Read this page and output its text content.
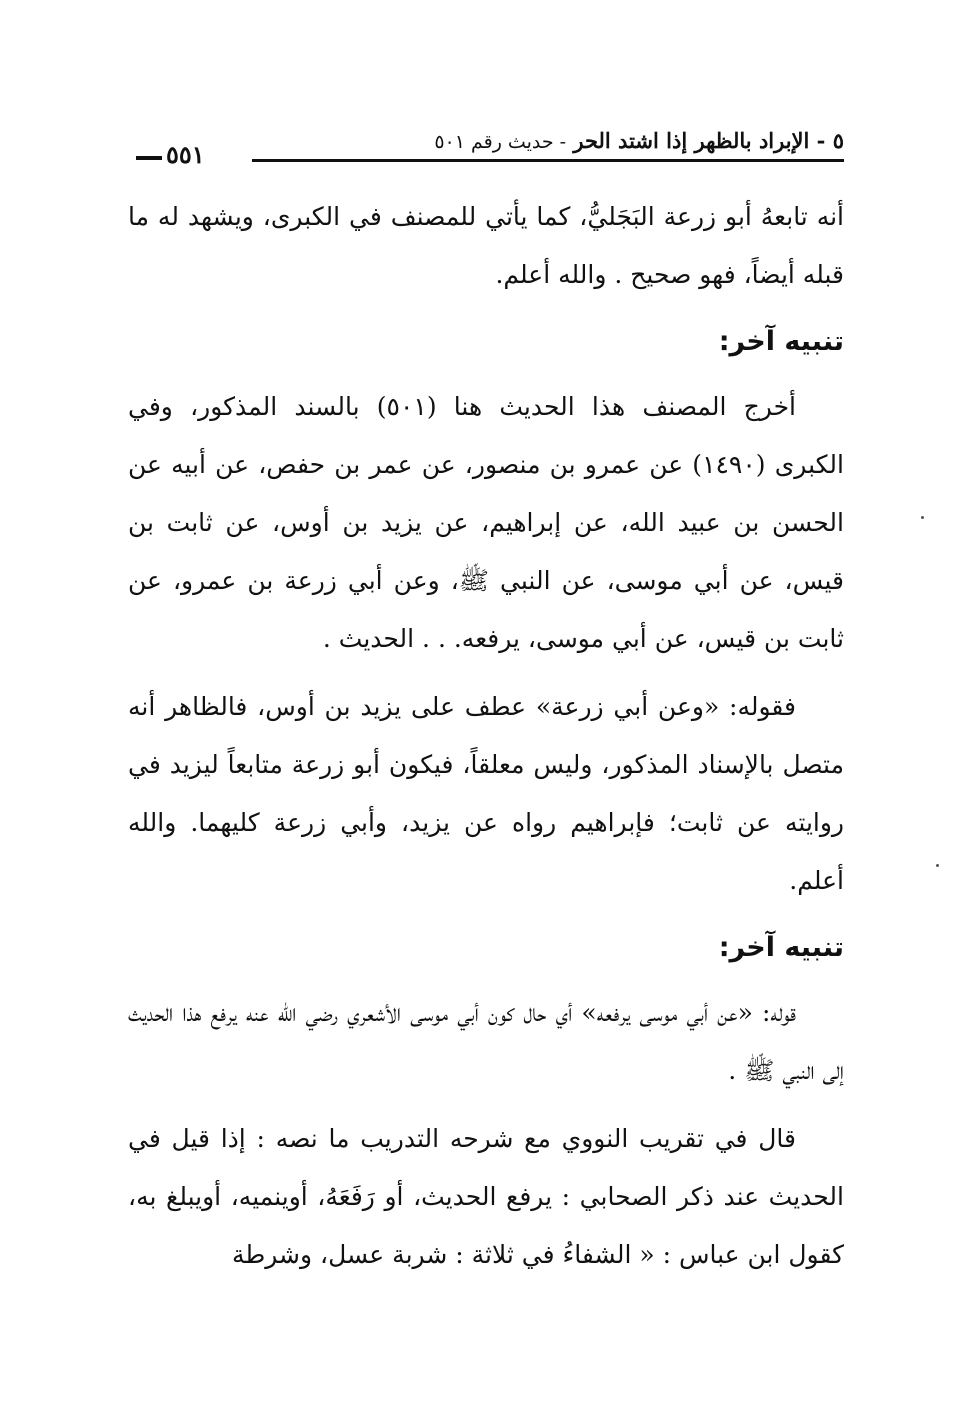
٥ - الإبراد بالظهر إذا اشتد الحر - حديث رقم ٥٠١
٥٥١

أنه تابعهُ أبو زرعة البَجَليُّ، كما يأتي للمصنف في الكبرى، ويشهد له ما قبله أيضاً، فهو صحيح . والله أعلم.

تنبيه آخر:

أخرج المصنف هذا الحديث هنا (٥٠١) بالسند المذكور، وفي الكبرى (١٤٩٠) عن عمرو بن منصور، عن عمر بن حفص، عن أبيه عن الحسن بن عبيد الله، عن إبراهيم، عن يزيد بن أوس، عن ثابت بن قيس، عن أبي موسى، عن النبي ﷺ، وعن أبي زرعة بن عمرو، عن ثابت بن قيس، عن أبي موسى، يرفعه. . . الحديث .

فقوله: «وعن أبي زرعة» عطف على يزيد بن أوس، فالظاهر أنه متصل بالإسناد المذكور، وليس معلقاً، فيكون أبو زرعة متابعاً ليزيد في روايته عن ثابت؛ فإبراهيم رواه عن يزيد، وأبي زرعة كليهما. والله أعلم.

تنبيه آخر:

قوله: «عن أبي موسى يرفعه» أي حال كون أبي موسى الأشعري رضي الله عنه يرفع هذا الحديث إلى النبي ﷺ .

قال في تقريب النووي مع شرحه التدريب ما نصه : إذا قيل في الحديث عند ذكر الصحابي : يرفع الحديث، أو رَفَعَهُ، أوينميه، أويبلغ به، كقول ابن عباس : « الشفاءُ في ثلاثة : شربة عسل، وشرطة
